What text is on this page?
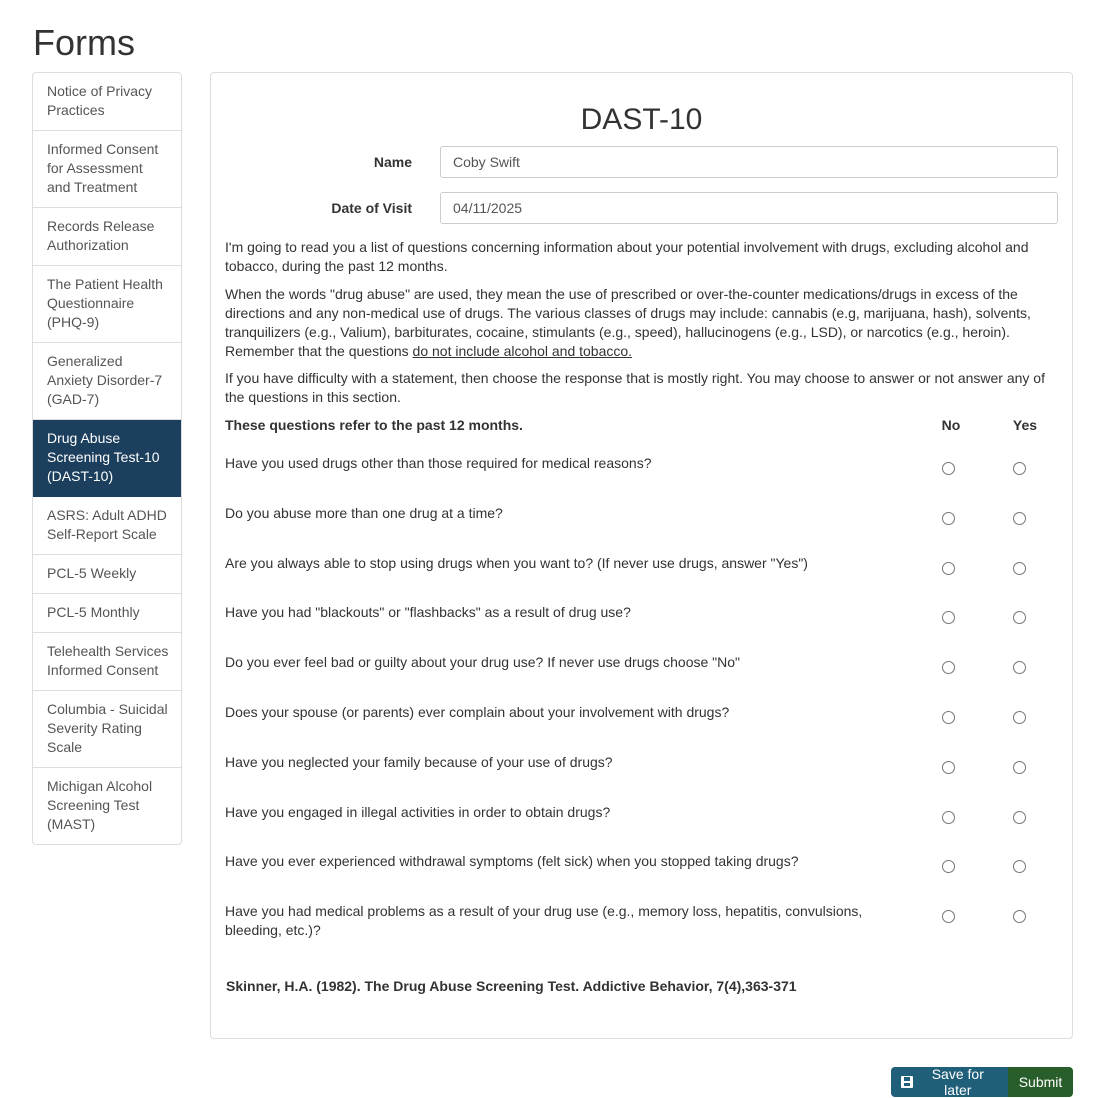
Forms
Notice of Privacy Practices
Informed Consent for Assessment and Treatment
Records Release Authorization
The Patient Health Questionnaire (PHQ-9)
Generalized Anxiety Disorder-7 (GAD-7)
Drug Abuse Screening Test-10 (DAST-10)
ASRS: Adult ADHD Self-Report Scale
PCL-5 Weekly
PCL-5 Monthly
Telehealth Services Informed Consent
Columbia - Suicidal Severity Rating Scale
Michigan Alcohol Screening Test (MAST)
DAST-10
Name
Coby Swift
Date of Visit
04/11/2025

I'm going to read you a list of questions concerning information about your potential involvement with drugs, excluding alcohol and tobacco, during the past 12 months.

When the words "drug abuse" are used, they mean the use of prescribed or over-the-counter medications/drugs in excess of the directions and any non-medical use of drugs. The various classes of drugs may include: cannabis (e.g, marijuana, hash), solvents, tranquilizers (e.g., Valium), barbiturates, cocaine, stimulants (e.g., speed), hallucinogens (e.g., LSD), or narcotics (e.g., heroin). Remember that the questions do not include alcohol and tobacco.

If you have difficulty with a statement, then choose the response that is mostly right. You may choose to answer or not answer any of the questions in this section.

These questions refer to the past 12 months.	No	Yes
Have you used drugs other than those required for medical reasons?
Do you abuse more than one drug at a time?
Are you always able to stop using drugs when you want to? (If never use drugs, answer "Yes")
Have you had "blackouts" or "flashbacks" as a result of drug use?
Do you ever feel bad or guilty about your drug use? If never use drugs choose "No"
Does your spouse (or parents) ever complain about your involvement with drugs?
Have you neglected your family because of your use of drugs?
Have you engaged in illegal activities in order to obtain drugs?
Have you ever experienced withdrawal symptoms (felt sick) when you stopped taking drugs?
Have you had medical problems as a result of your drug use (e.g., memory loss, hepatitis, convulsions, bleeding, etc.)?
Skinner, H.A. (1982). The Drug Abuse Screening Test. Addictive Behavior, 7(4),363-371
Save for later	Submit
